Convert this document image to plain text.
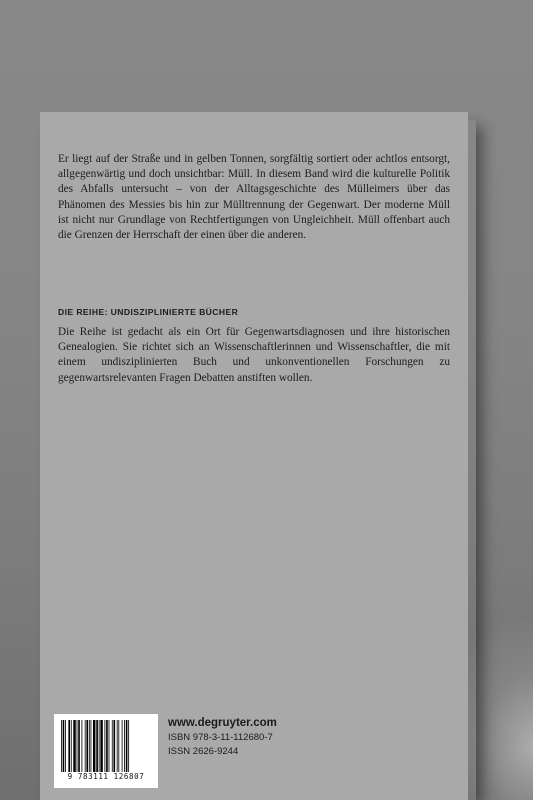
Er liegt auf der Straße und in gelben Tonnen, sorgfältig sortiert oder achtlos entsorgt, allgegenwärtig und doch unsichtbar: Müll. In diesem Band wird die kulturelle Politik des Abfalls untersucht – von der Alltagsgeschichte des Mülleimers über das Phänomen des Messies bis hin zur Mülltrennung der Gegenwart. Der moderne Müll ist nicht nur Grundlage von Rechtfertigungen von Ungleichheit. Müll offenbart auch die Grenzen der Herrschaft der einen über die anderen.

DIE REIHE: UNDISZIPLINIERTE BÜCHER

Die Reihe ist gedacht als ein Ort für Gegenwartsdiagnosen und ihre historischen Genealogien. Sie richtet sich an Wissenschaftlerinnen und Wissenschaftler, die mit einem undisziplinierten Buch und unkonventionellen Forschungen zu gegenwartsrelevanten Fragen Debatten anstiften wollen.

9 783111 126807
www.degruyter.com
ISBN 978-3-11-112680-7
ISSN 2626-9244
